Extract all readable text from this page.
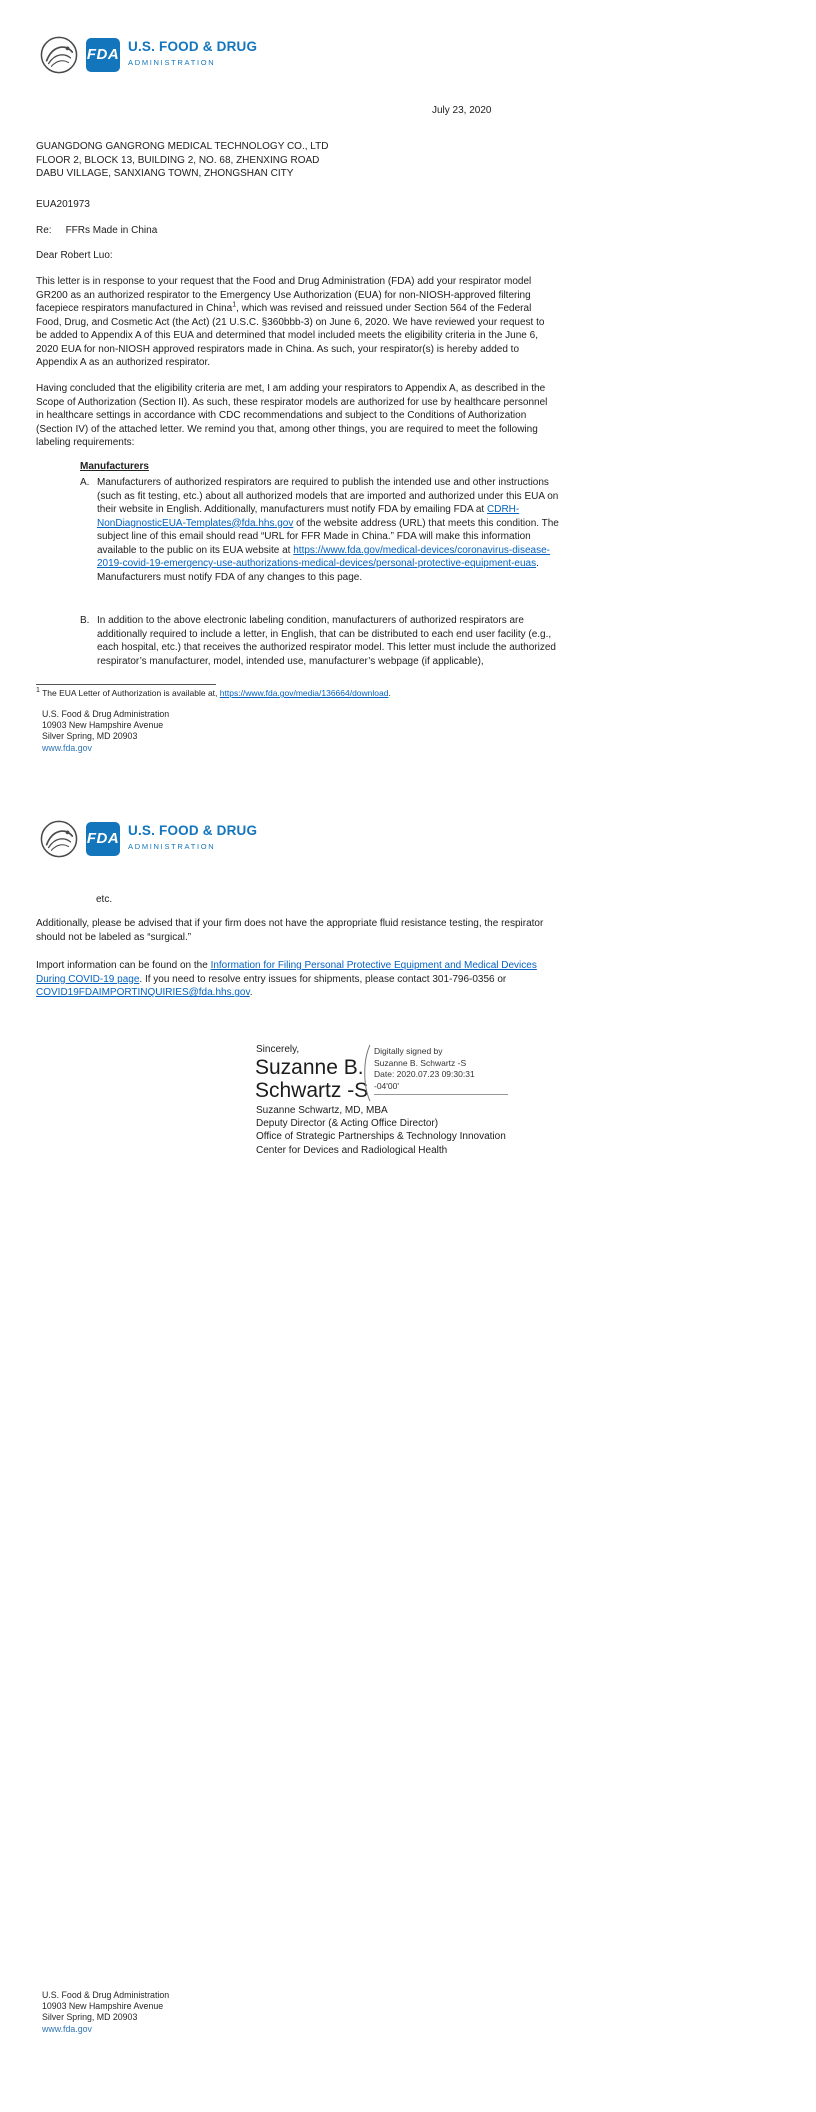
FDA U.S. FOOD & DRUG
ADMINISTRATION
July 23, 2020
GUANGDONG GANGRONG MEDICAL TECHNOLOGY CO., LTD
FLOOR 2, BLOCK 13, BUILDING 2, NO. 68, ZHENXING ROAD
DABU VILLAGE, SANXIANG TOWN, ZHONGSHAN CITY
EUA201973
Re: FFRs Made in China
Dear Robert Luo:
This letter is in response to your request that the Food and Drug Administration (FDA) add your respirator model GR200 as an authorized respirator to the Emergency Use Authorization (EUA) for non-NIOSH-approved filtering facepiece respirators manufactured in China$^1$, which was revised and reissued under Section 564 of the Federal Food, Drug, and Cosmetic Act (the Act) (21 U.S.C. §360bbb-3) on June 6, 2020. We have reviewed your request to be added to Appendix A of this EUA and determined that model included meets the eligibility criteria in the June 6, 2020 EUA for non-NIOSH approved respirators made in China. As such, your respirator(s) is hereby added to Appendix A as an authorized respirator.
Having concluded that the eligibility criteria are met, I am adding your respirators to Appendix A, as described in the Scope of Authorization (Section II). As such, these respirator models are authorized for use by healthcare personnel in healthcare settings in accordance with CDC recommendations and subject to the Conditions of Authorization (Section IV) of the attached letter. We remind you that, among other things, you are required to meet the following labeling requirements:
Manufacturers
A. Manufacturers of authorized respirators are required to publish the intended use and other instructions (such as fit testing, etc.) about all authorized models that are imported and authorized under this EUA on their website in English. Additionally, manufacturers must notify FDA by emailing FDA at CDRH-NonDiagnosticEUA-Templates@fda.hhs.gov of the website address (URL) that meets this condition. The subject line of this email should read “URL for FFR Made in China.” FDA will make this information available to the public on its EUA website at https://www.fda.gov/medical-devices/coronavirus-disease-2019-covid-19-emergency-use-authorizations-medical-devices/personal-protective-equipment-euas. Manufacturers must notify FDA of any changes to this page.
B. In addition to the above electronic labeling condition, manufacturers of authorized respirators are additionally required to include a letter, in English, that can be distributed to each end user facility (e.g., each hospital, etc.) that receives the authorized respirator model. This letter must include the authorized respirator’s manufacturer, model, intended use, manufacturer’s webpage (if applicable),
$^1$ The EUA Letter of Authorization is available at, https://www.fda.gov/media/136664/download.
U.S. Food & Drug Administration
10903 New Hampshire Avenue
Silver Spring, MD 20903
www.fda.gov
FDA U.S. FOOD & DRUG
ADMINISTRATION
etc.
Additionally, please be advised that if your firm does not have the appropriate fluid resistance testing, the respirator should not be labeled as “surgical.”
Import information can be found on the Information for Filing Personal Protective Equipment and Medical Devices During COVID-19 page. If you need to resolve entry issues for shipments, please contact 301-796-0356 or COVID19FDAIMPORTINQUIRIES@fda.hhs.gov.
Sincerely,
Suzanne B. Schwartz -S
Digitally signed by
Suzanne B. Schwartz -S
Date: 2020.07.23 09:30:31
-04'00'
Suzanne Schwartz, MD, MBA
Deputy Director (& Acting Office Director)
Office of Strategic Partnerships & Technology Innovation
Center for Devices and Radiological Health
U.S. Food & Drug Administration
10903 New Hampshire Avenue
Silver Spring, MD 20903
www.fda.gov
